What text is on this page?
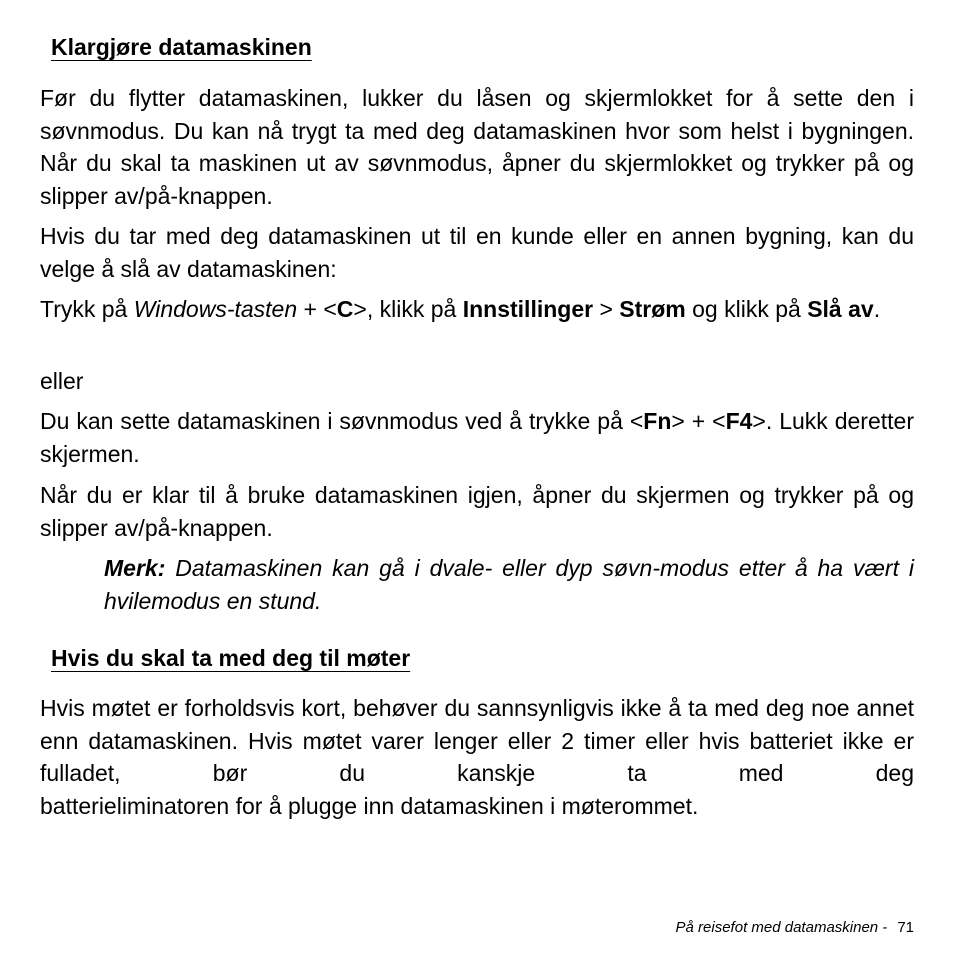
Klargjøre datamaskinen

Før du flytter datamaskinen, lukker du låsen og skjermlokket for å sette den i søvnmodus. Du kan nå trygt ta med deg datamaskinen hvor som helst i bygningen. Når du skal ta maskinen ut av søvnmodus, åpner du skjermlokket og trykker på og slipper av/på-knappen.

Hvis du tar med deg datamaskinen ut til en kunde eller en annen bygning, kan du velge å slå av datamaskinen:

Trykk på Windows-tasten + <C>, klikk på Innstillinger > Strøm og klikk på Slå av.

eller

Du kan sette datamaskinen i søvnmodus ved å trykke på <Fn> + <F4>. Lukk deretter skjermen.

Når du er klar til å bruke datamaskinen igjen, åpner du skjermen og trykker på og slipper av/på-knappen.

Merk: Datamaskinen kan gå i dvale- eller dyp søvn-modus etter å ha vært i hvilemodus en stund.

Hvis du skal ta med deg til møter

Hvis møtet er forholdsvis kort, behøver du sannsynligvis ikke å ta med deg noe annet enn datamaskinen. Hvis møtet varer lenger eller 2 timer eller hvis batteriet ikke er fulladet, bør du kanskje ta med deg

batterieliminatoren for å plugge inn datamaskinen i møterommet.

På reisefot med datamaskinen - 71
